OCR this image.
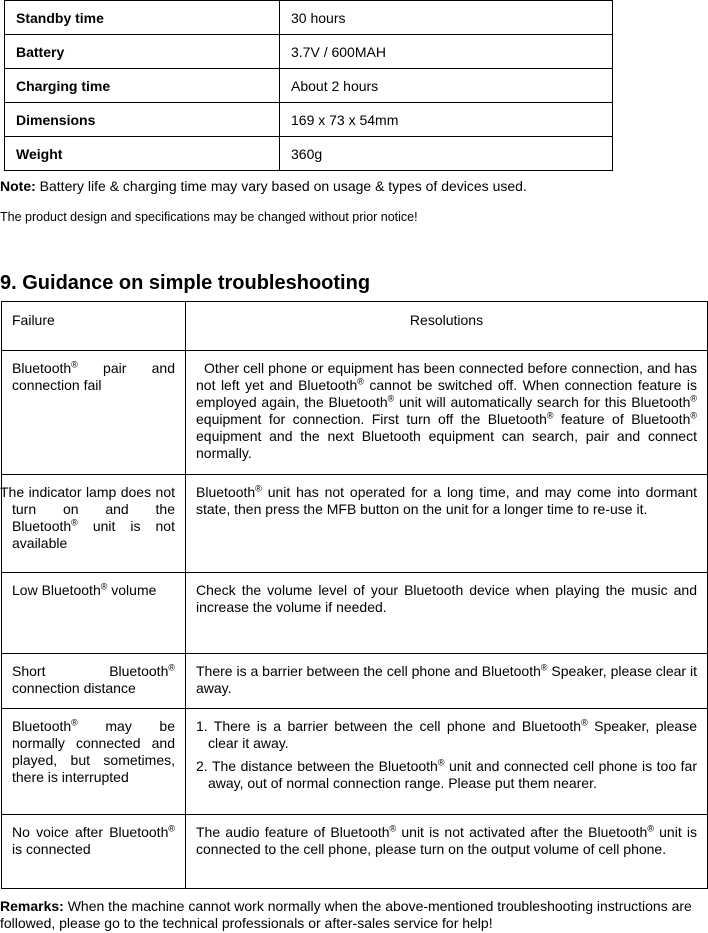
Standby time	30 hours
Battery	3.7V / 600MAH
Charging time	About 2 hours
Dimensions	169 x 73 x 54mm
Weight	360g
Note: Battery life & charging time may vary based on usage & types of devices used.
The product design and specifications may be changed without prior notice!
9. Guidance on simple troubleshooting
Failure	Resolutions
Bluetooth® pair and connection fail	Other cell phone or equipment has been connected before connection, and has not left yet and Bluetooth® cannot be switched off. When connection feature is employed again, the Bluetooth® unit will automatically search for this Bluetooth® equipment for connection. First turn off the Bluetooth® feature of Bluetooth® equipment and the next Bluetooth equipment can search, pair and connect normally.
The indicator lamp does not turn on and the Bluetooth® unit is not available	Bluetooth® unit has not operated for a long time, and may come into dormant state, then press the MFB button on the unit for a longer time to re-use it.
Low Bluetooth® volume	Check the volume level of your Bluetooth device when playing the music and increase the volume if needed.
Short Bluetooth® connection distance	There is a barrier between the cell phone and Bluetooth® Speaker, please clear it away.
Bluetooth® may be normally connected and played, but sometimes, there is interrupted	1. There is a barrier between the cell phone and Bluetooth® Speaker, please clear it away.
2. The distance between the Bluetooth® unit and connected cell phone is too far away, out of normal connection range. Please put them nearer.

No voice after Bluetooth® is connected	The audio feature of Bluetooth® unit is not activated after the Bluetooth® unit is connected to the cell phone, please turn on the output volume of cell phone.
Remarks: When the machine cannot work normally when the above-mentioned troubleshooting instructions are followed, please go to the technical professionals or after-sales service for help!
